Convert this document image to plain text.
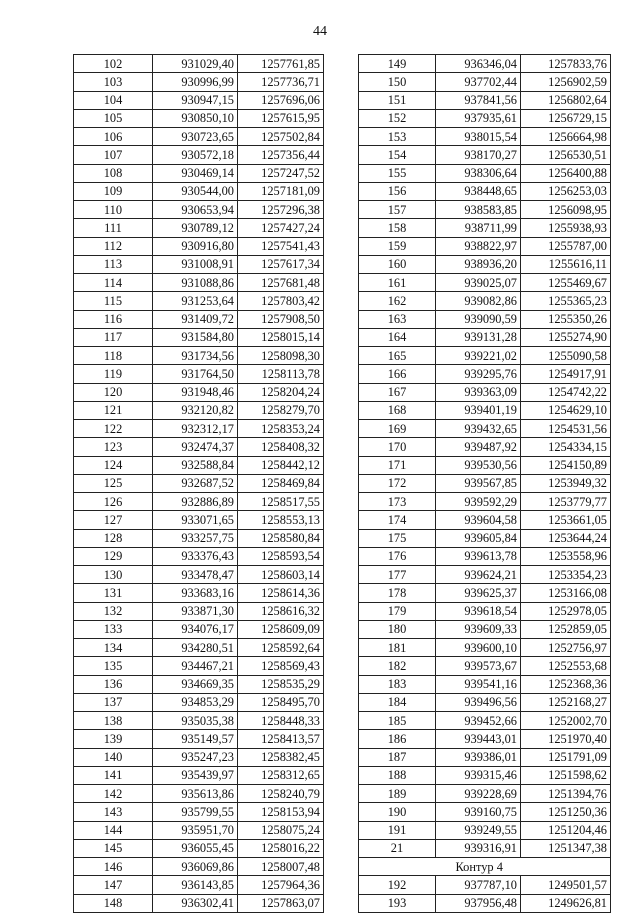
44
102	931029,40	1257761,85
103	930996,99	1257736,71
104	930947,15	1257696,06
105	930850,10	1257615,95
106	930723,65	1257502,84
107	930572,18	1257356,44
108	930469,14	1257247,52
109	930544,00	1257181,09
110	930653,94	1257296,38
111	930789,12	1257427,24
112	930916,80	1257541,43
113	931008,91	1257617,34
114	931088,86	1257681,48
115	931253,64	1257803,42
116	931409,72	1257908,50
117	931584,80	1258015,14
118	931734,56	1258098,30
119	931764,50	1258113,78
120	931948,46	1258204,24
121	932120,82	1258279,70
122	932312,17	1258353,24
123	932474,37	1258408,32
124	932588,84	1258442,12
125	932687,52	1258469,84
126	932886,89	1258517,55
127	933071,65	1258553,13
128	933257,75	1258580,84
129	933376,43	1258593,54
130	933478,47	1258603,14
131	933683,16	1258614,36
132	933871,30	1258616,32
133	934076,17	1258609,09
134	934280,51	1258592,64
135	934467,21	1258569,43
136	934669,35	1258535,29
137	934853,29	1258495,70
138	935035,38	1258448,33
139	935149,57	1258413,57
140	935247,23	1258382,45
141	935439,97	1258312,65
142	935613,86	1258240,79
143	935799,55	1258153,94
144	935951,70	1258075,24
145	936055,45	1258016,22
146	936069,86	1258007,48
147	936143,85	1257964,36
148	936302,41	1257863,07
149	936346,04	1257833,76
150	937702,44	1256902,59
151	937841,56	1256802,64
152	937935,61	1256729,15
153	938015,54	1256664,98
154	938170,27	1256530,51
155	938306,64	1256400,88
156	938448,65	1256253,03
157	938583,85	1256098,95
158	938711,99	1255938,93
159	938822,97	1255787,00
160	938936,20	1255616,11
161	939025,07	1255469,67
162	939082,86	1255365,23
163	939090,59	1255350,26
164	939131,28	1255274,90
165	939221,02	1255090,58
166	939295,76	1254917,91
167	939363,09	1254742,22
168	939401,19	1254629,10
169	939432,65	1254531,56
170	939487,92	1254334,15
171	939530,56	1254150,89
172	939567,85	1253949,32
173	939592,29	1253779,77
174	939604,58	1253661,05
175	939605,84	1253644,24
176	939613,78	1253558,96
177	939624,21	1253354,23
178	939625,37	1253166,08
179	939618,54	1252978,05
180	939609,33	1252859,05
181	939600,10	1252756,97
182	939573,67	1252553,68
183	939541,16	1252368,36
184	939496,56	1252168,27
185	939452,66	1252002,70
186	939443,01	1251970,40
187	939386,01	1251791,09
188	939315,46	1251598,62
189	939228,69	1251394,76
190	939160,75	1251250,36
191	939249,55	1251204,46
21	939316,91	1251347,38
	Контур 4	
192	937787,10	1249501,57
193	937956,48	1249626,81
